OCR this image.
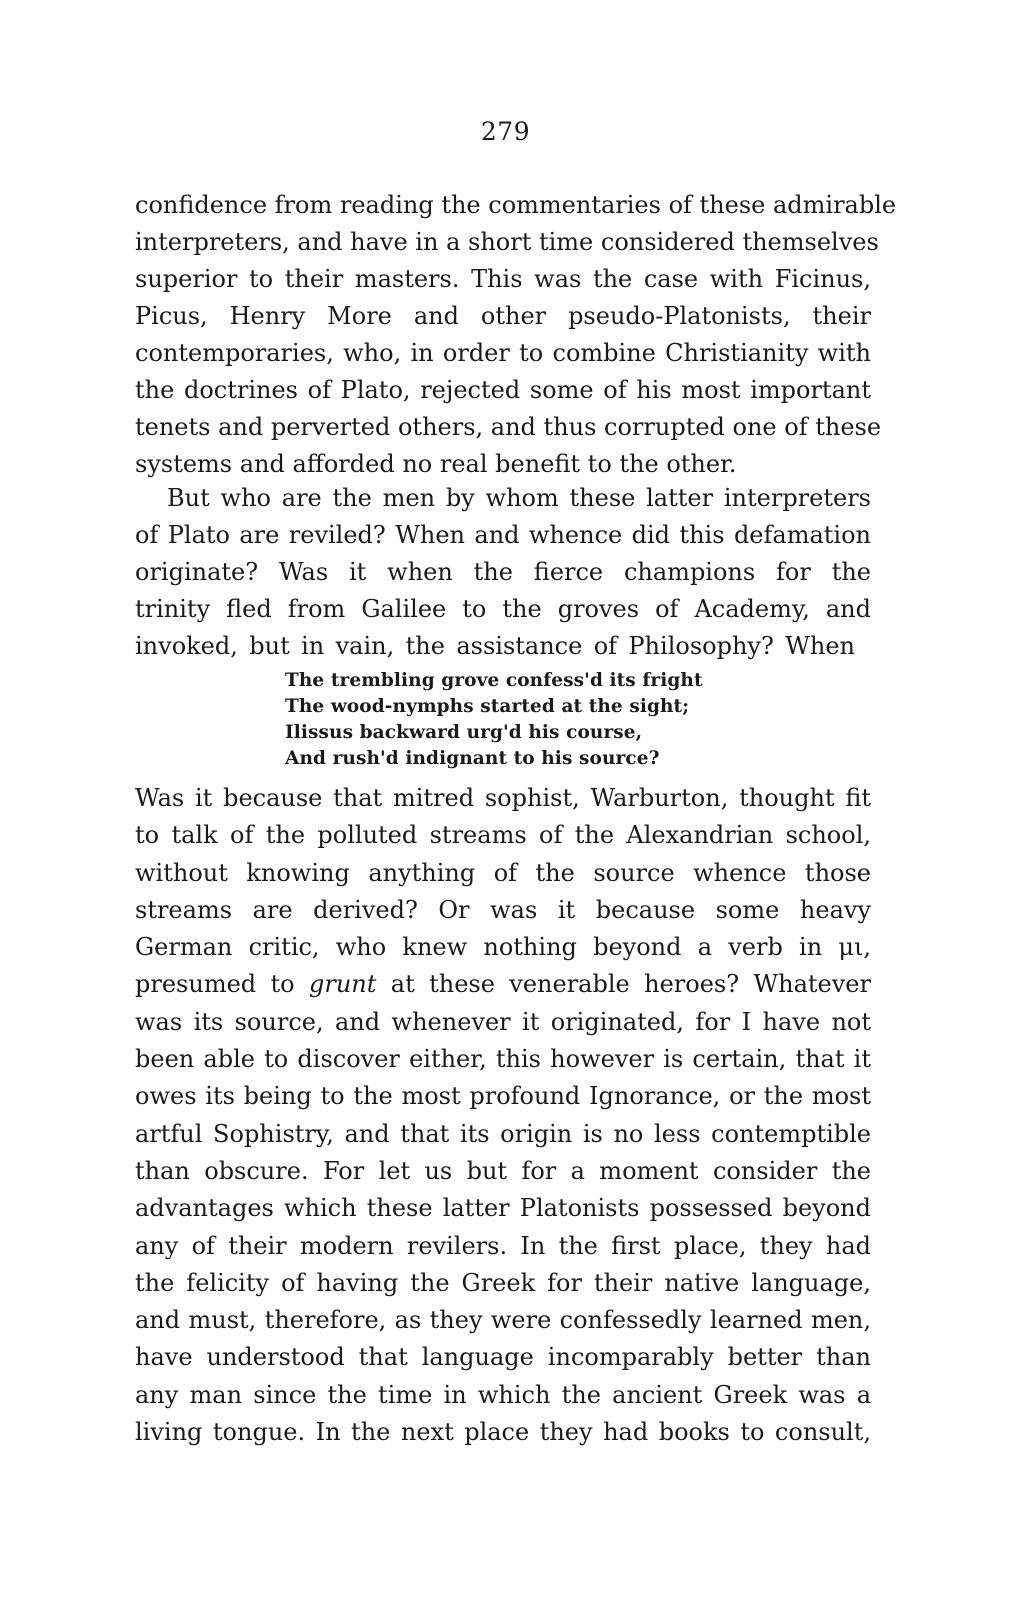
279
confidence from reading the commentaries of these admirable
interpreters, and have in a short time considered themselves
superior to their masters. This was the case with Ficinus,
Picus, Henry More and other pseudo-Platonists, their
contemporaries, who, in order to combine Christianity with
the doctrines of Plato, rejected some of his most important
tenets and perverted others, and thus corrupted one of these
systems and afforded no real benefit to the other.
But who are the men by whom these latter interpreters
of Plato are reviled? When and whence did this defamation
originate? Was it when the fierce champions for the
trinity fled from Galilee to the groves of Academy, and
invoked, but in vain, the assistance of Philosophy? When
The trembling grove confess'd its fright
The wood-nymphs started at the sight;
Ilissus backward urg'd his course,
And rush'd indignant to his source?
Was it because that mitred sophist, Warburton, thought fit
to talk of the polluted streams of the Alexandrian school,
without knowing anything of the source whence those
streams are derived? Or was it because some heavy
German critic, who knew nothing beyond a verb in μι,
presumed to grunt at these venerable heroes? Whatever
was its source, and whenever it originated, for I have not
been able to discover either, this however is certain, that it
owes its being to the most profound Ignorance, or the most
artful Sophistry, and that its origin is no less contemptible
than obscure. For let us but for a moment consider the
advantages which these latter Platonists possessed beyond
any of their modern revilers. In the first place, they had
the felicity of having the Greek for their native language,
and must, therefore, as they were confessedly learned men,
have understood that language incomparably better than
any man since the time in which the ancient Greek was a
living tongue. In the next place they had books to consult,
